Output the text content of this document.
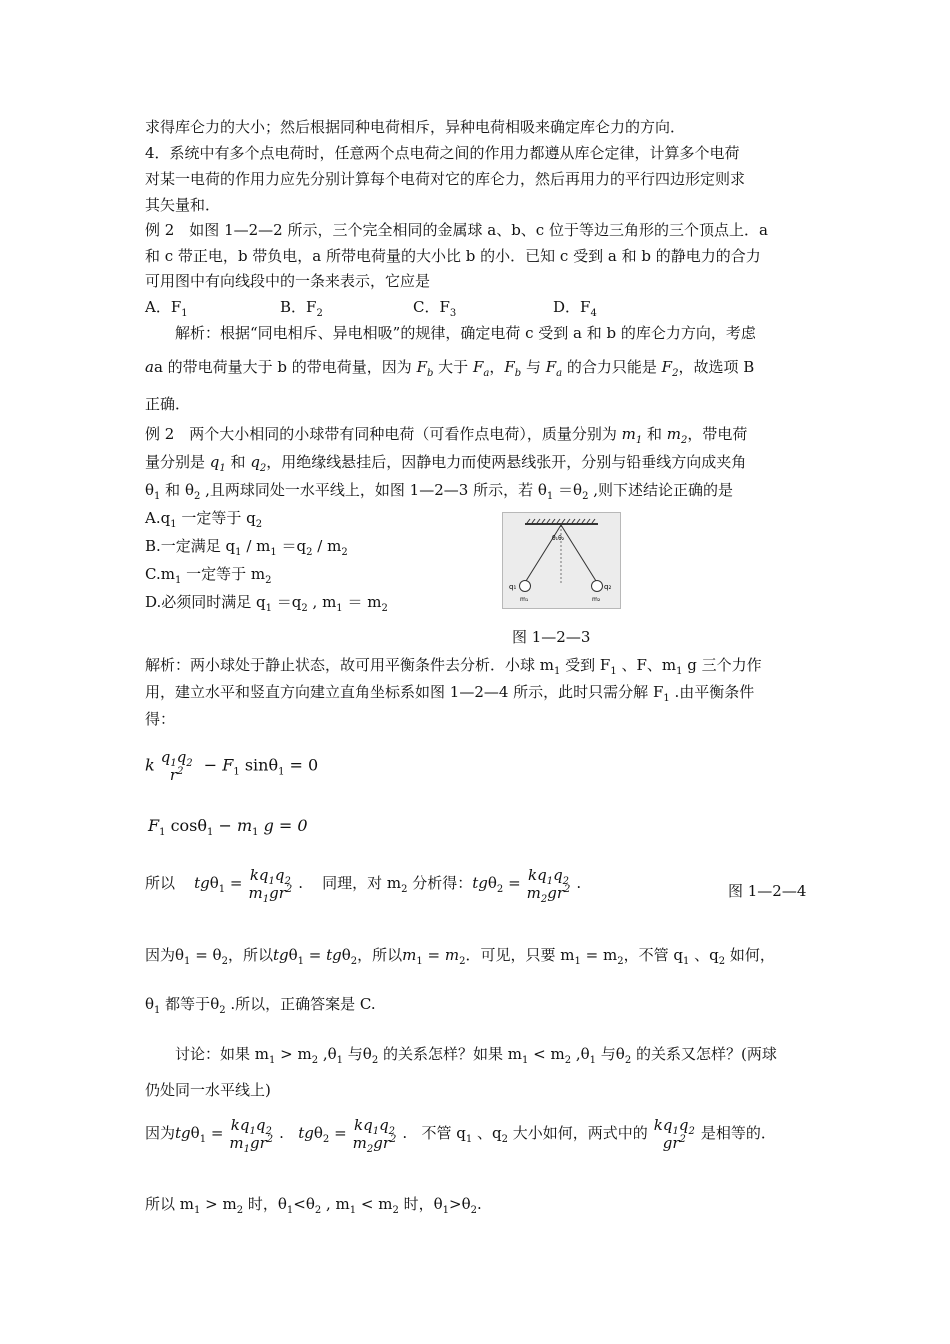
求得库仑力的大小；然后根据同种电荷相斥，异种电荷相吸来确定库仑力的方向．
4．系统中有多个点电荷时，任意两个点电荷之间的作用力都遵从库仑定律，计算多个电荷
对某一电荷的作用力应先分别计算每个电荷对它的库仑力，然后再用力的平行四边形定则求
其矢量和．
例 2　如图 1—2—2 所示，三个完全相同的金属球 a、b、c 位于等边三角形的三个顶点上．a
和 c 带正电，b 带负电，a 所带电荷量的大小比 b 的小．已知 c 受到 a 和 b 的静电力的合力
可用图中有向线段中的一条来表示，它应是
A．$F_1$	B．$F_2$	C．$F_3$	D．$F_4$
解析：根据“同电相斥、异电相吸”的规律，确定电荷 c 受到 a 和 b 的库仑力方向，考虑
aa 的带电荷量大于 b 的带电荷量，因为 $F_b$ 大于 $F_a$，$F_b$ 与 $F_a$ 的合力只能是 $F_2$，故选项 B
正确．
例 2　两个大小相同的小球带有同种电荷（可看作点电荷），质量分别为 $m_1$ 和 $m_2$，带电荷
量分别是 $q_1$ 和 $q_2$，用绝缘线悬挂后，因静电力而使两悬线张开，分别与铅垂线方向成夹角
$\theta_1$ 和 $\theta_2$ ,且两球同处一水平线上，如图 1—2—3 所示，若 $\theta_1 =\theta_2$ ,则下述结论正确的是
$A.q_1$ 一定等于 $q_2$
B.一定满足 $q_1 / m_1 =q_2 / m_2$
$C.m_1$ 一定等于 $m_2$
D.必须同时满足 $q_1 =q_2$ , $m_1 = m_2$
θ₁θ₂
q₁	q₂
m₁	m₂
图 1—2—3
解析：两小球处于静止状态，故可用平衡条件去分析．小球 $m_1$ 受到 $F_1$ 、F、$m_1$ g 三个力作
用，建立水平和竖直方向建立直角坐标系如图 1—2—4 所示，此时只需分解 $F_1$ .由平衡条件
得：
k $q_1q_2$
$r^2 - F_1$ sinθ$_1$ = 0
$F_1$ $\cos\theta_1 - m_1$ g = 0
所以 $tg\theta_1 = kq_1q_2$
$m_1gr^2$ .    同理，对 $m_2$ 分析得：$tg\theta_2 = kq_1q_2$
$m_2gr^2$ .	图 1—2—4
因为$\theta_1 = \theta_2$，所以tgθ$_1$ = tgθ$_2$，所以$m_1 = m_2$．可见，只要 $m_1 = m_2$，不管 $q_1$ 、$q_2$ 如何，
$\theta_1$ 都等于$\theta_2$ .所以，正确答案是 C.
讨论：如果 $m_1 > m_2$ $,\theta_1$ 与$\theta_2$ 的关系怎样？如果 $m_1 < m_2$ $,\theta_1$ 与$\theta_2$ 的关系又怎样？(两球
仍处同一水平线上)
因为$tg\theta_1 = kq_1q_2$
$m_1gr^2$ .   $tg\theta_2 = kq_1q_2$
$m_2gr^2$ .   不管 $q_1$ 、$q_2$ 大小如何，两式中的 $kq_1q_2$
$gr^2$ 是相等的．
所以 $m_1 > m_2$ 时，$\theta_1<\theta_2$ , $m_1 < m_2$ 时，$\theta_1>\theta_2$.
